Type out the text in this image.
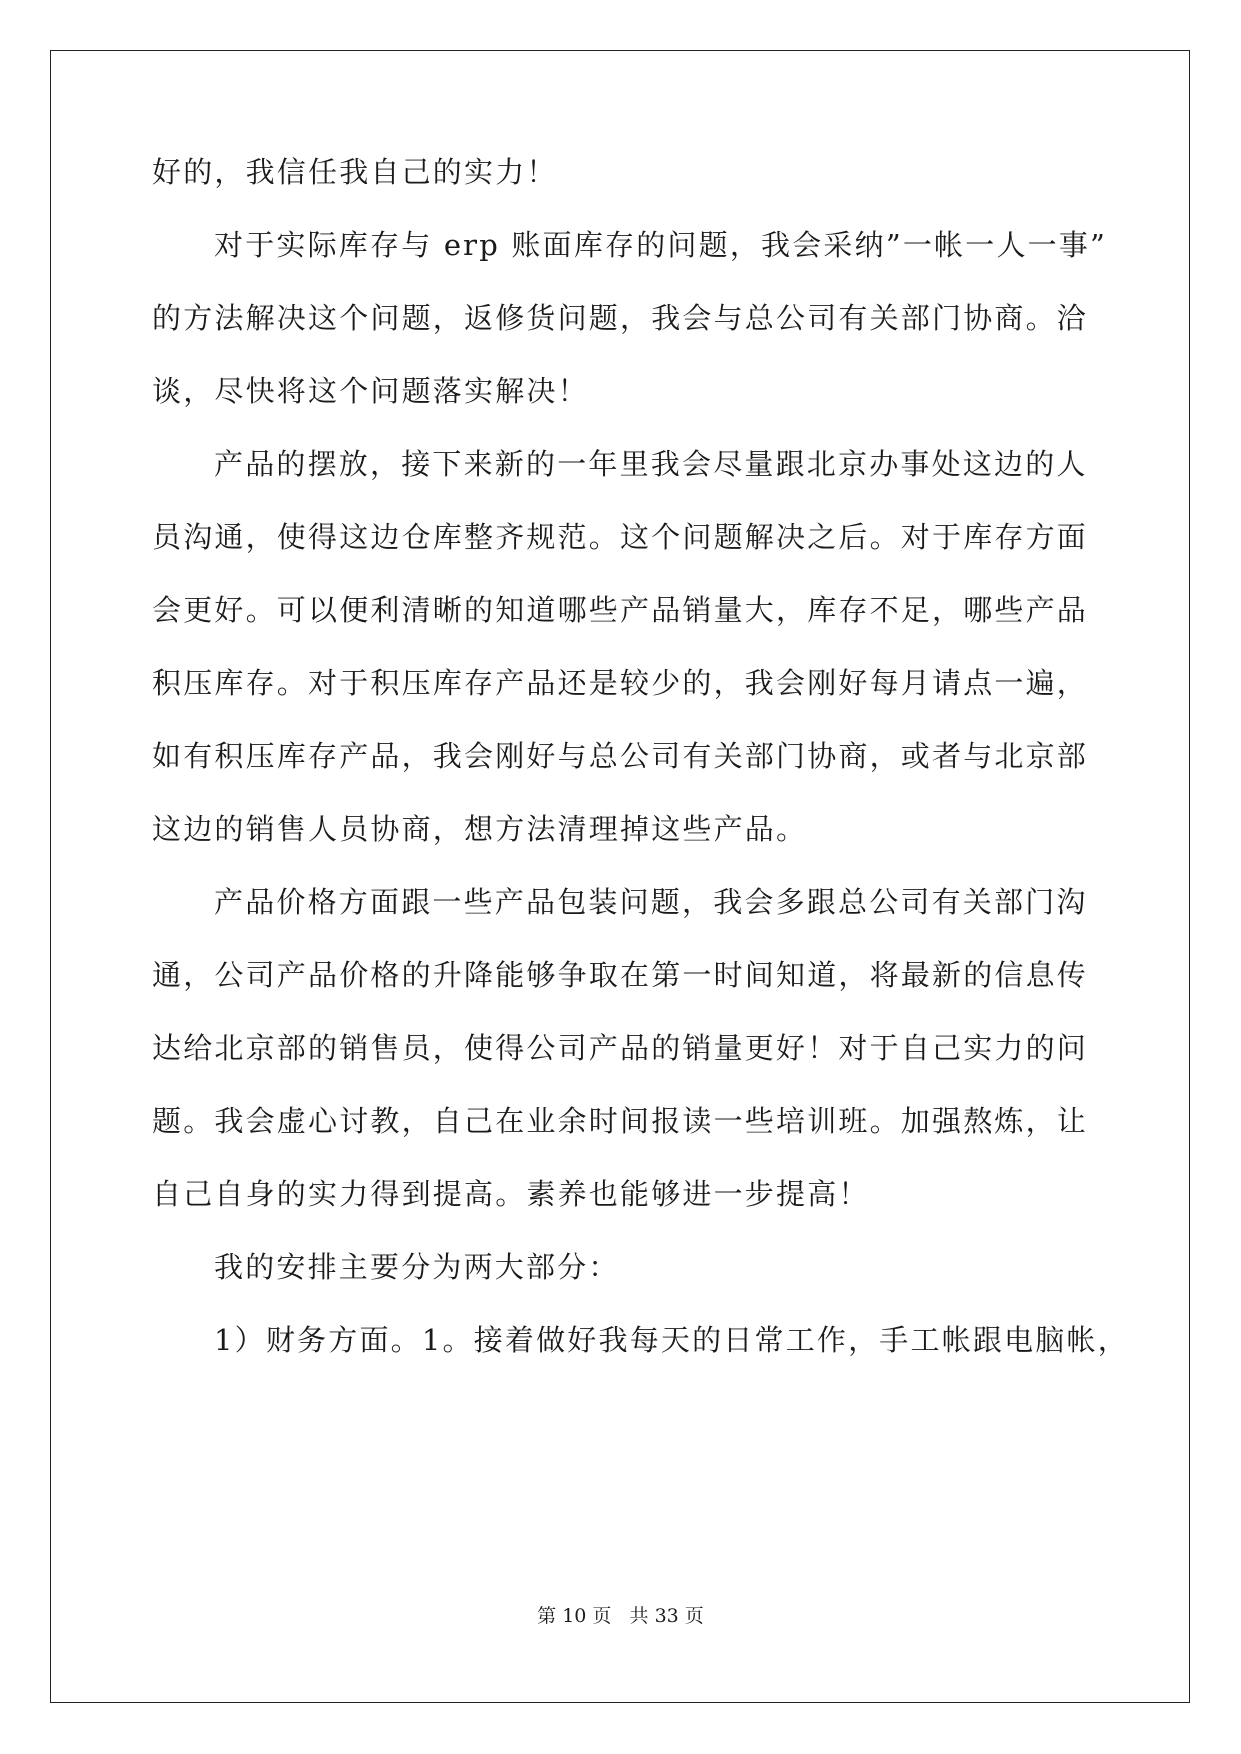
好的，我信任我自己的实力！
对于实际库存与 erp 账面库存的问题，我会采纳”一帐一人一事”
的方法解决这个问题，返修货问题，我会与总公司有关部门协商。洽
谈，尽快将这个问题落实解决！
产品的摆放，接下来新的一年里我会尽量跟北京办事处这边的人
员沟通，使得这边仓库整齐规范。这个问题解决之后。对于库存方面
会更好。可以便利清晰的知道哪些产品销量大，库存不足，哪些产品
积压库存。对于积压库存产品还是较少的，我会刚好每月请点一遍，
如有积压库存产品，我会刚好与总公司有关部门协商，或者与北京部
这边的销售人员协商，想方法清理掉这些产品。
产品价格方面跟一些产品包装问题，我会多跟总公司有关部门沟
通，公司产品价格的升降能够争取在第一时间知道，将最新的信息传
达给北京部的销售员，使得公司产品的销量更好！对于自己实力的问
题。我会虚心讨教，自己在业余时间报读一些培训班。加强熬炼，让
自己自身的实力得到提高。素养也能够进一步提高！
我的安排主要分为两大部分：
1）财务方面。1。接着做好我每天的日常工作，手工帐跟电脑帐，
第 10 页   共 33 页
